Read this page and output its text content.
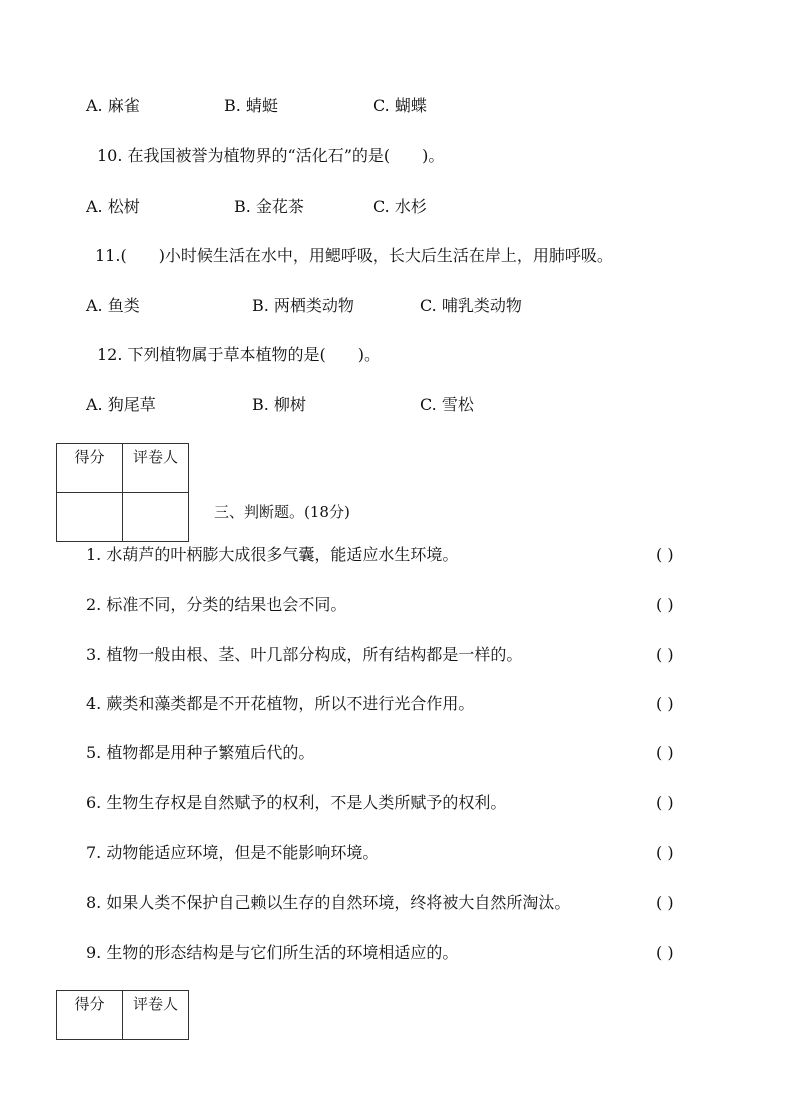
A. 麻雀	B. 蜻蜓	C. 蝴蝶
10. 在我国被誉为植物界的“活化石”的是(　　)。
A. 松树	B. 金花茶	C. 水杉
11.(　　)小时候生活在水中，用鳃呼吸，长大后生活在岸上，用肺呼吸。
A. 鱼类	B. 两栖类动物	C. 哺乳类动物
12. 下列植物属于草本植物的是(　　)。
A. 狗尾草	B. 柳树	C. 雪松
得分	评卷人

三、判断题。(18分)
1. 水葫芦的叶柄膨大成很多气囊，能适应水生环境。	( )
2. 标准不同，分类的结果也会不同。	( )
3. 植物一般由根、茎、叶几部分构成，所有结构都是一样的。	( )
4. 蕨类和藻类都是不开花植物，所以不进行光合作用。	( )
5. 植物都是用种子繁殖后代的。	( )
6. 生物生存权是自然赋予的权利，不是人类所赋予的权利。	( )
7. 动物能适应环境，但是不能影响环境。	( )
8. 如果人类不保护自己赖以生存的自然环境，终将被大自然所淘汰。	( )
9. 生物的形态结构是与它们所生活的环境相适应的。	( )
得分	评卷人
